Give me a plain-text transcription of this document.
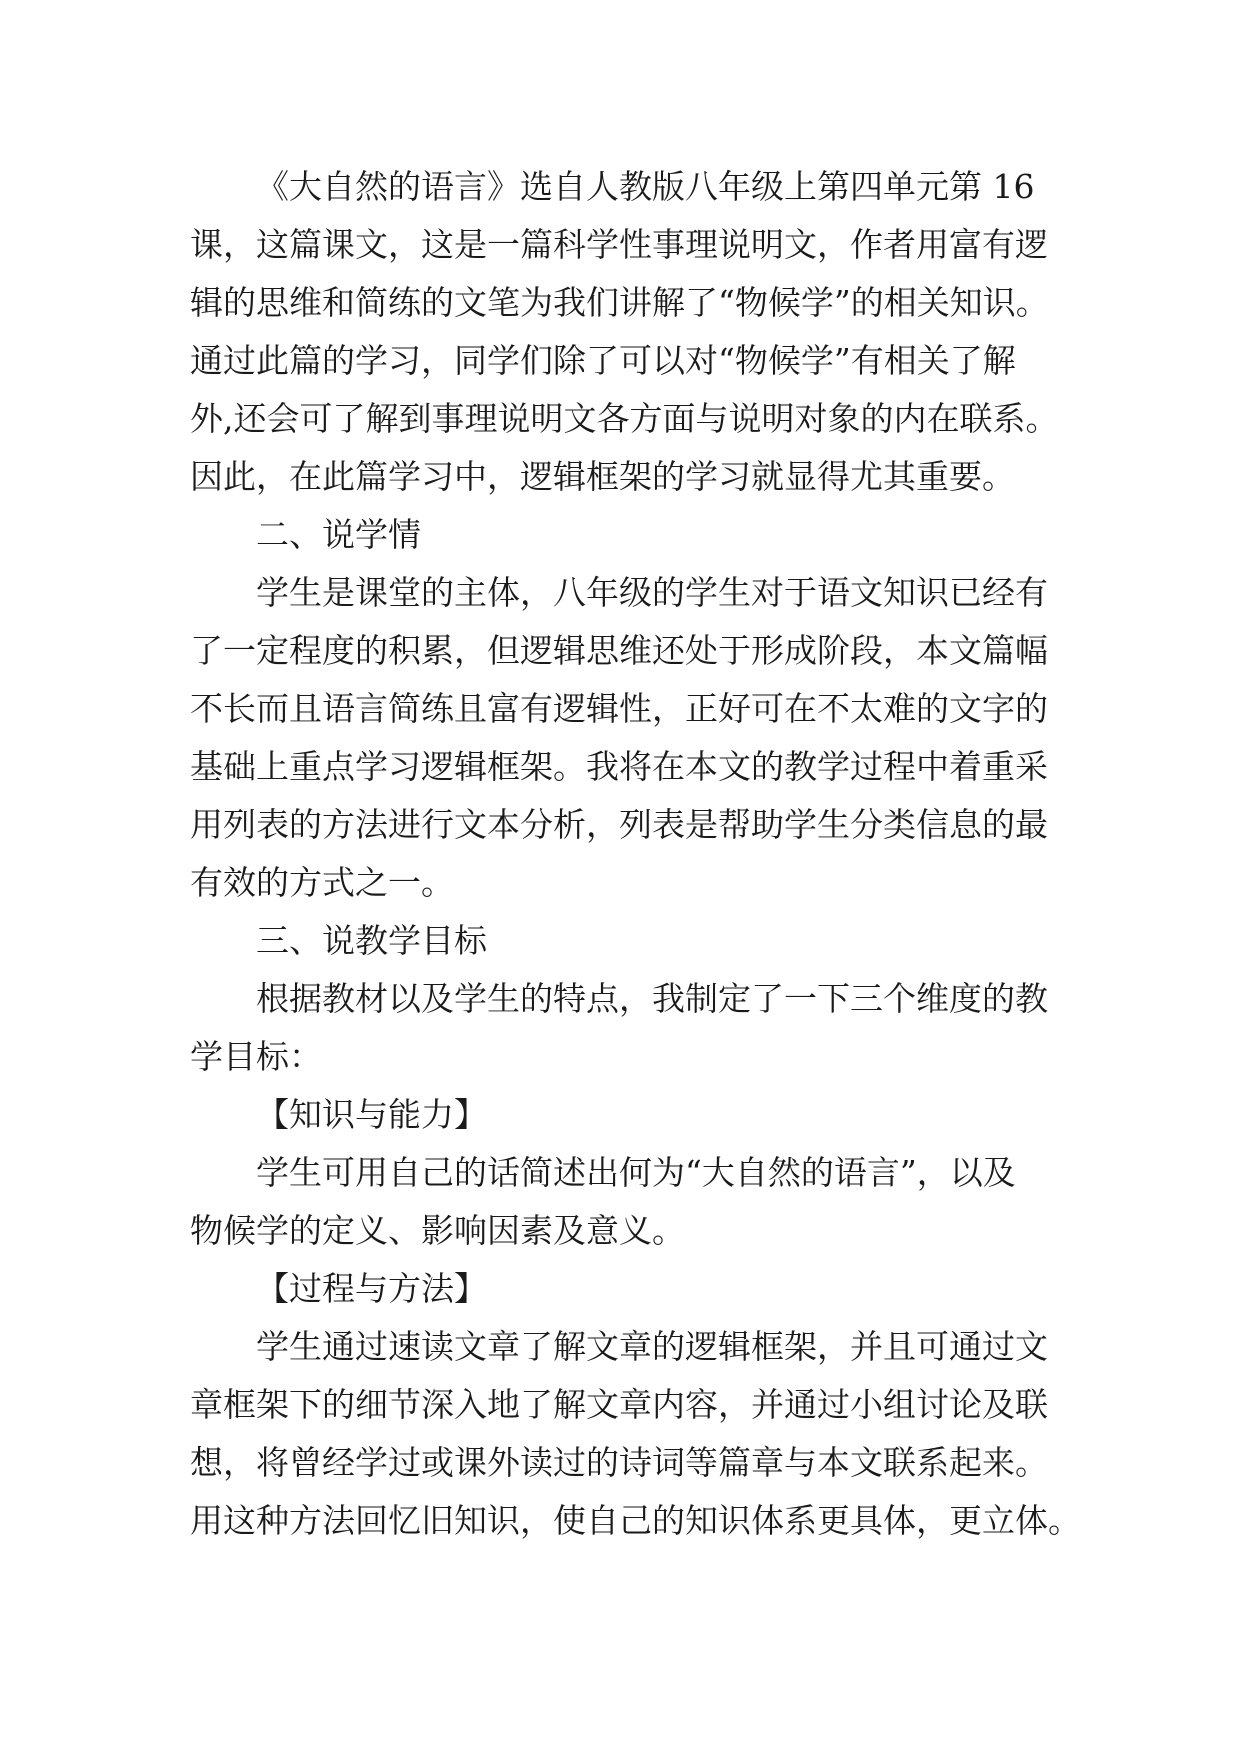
《大自然的语言》选自人教版八年级上第四单元第 16
课，这篇课文，这是一篇科学性事理说明文，作者用富有逻
辑的思维和简练的文笔为我们讲解了“物候学”的相关知识。
通过此篇的学习，同学们除了可以对“物候学”有相关了解
外,还会可了解到事理说明文各方面与说明对象的内在联系。
因此，在此篇学习中，逻辑框架的学习就显得尤其重要。
二、说学情
学生是课堂的主体，八年级的学生对于语文知识已经有
了一定程度的积累，但逻辑思维还处于形成阶段，本文篇幅
不长而且语言简练且富有逻辑性，正好可在不太难的文字的
基础上重点学习逻辑框架。我将在本文的教学过程中着重采
用列表的方法进行文本分析，列表是帮助学生分类信息的最
有效的方式之一。
三、说教学目标
根据教材以及学生的特点，我制定了一下三个维度的教
学目标：
【知识与能力】
学生可用自己的话简述出何为“大自然的语言”，以及
物候学的定义、影响因素及意义。
【过程与方法】
学生通过速读文章了解文章的逻辑框架，并且可通过文
章框架下的细节深入地了解文章内容，并通过小组讨论及联
想，将曾经学过或课外读过的诗词等篇章与本文联系起来。
用这种方法回忆旧知识，使自己的知识体系更具体，更立体。
